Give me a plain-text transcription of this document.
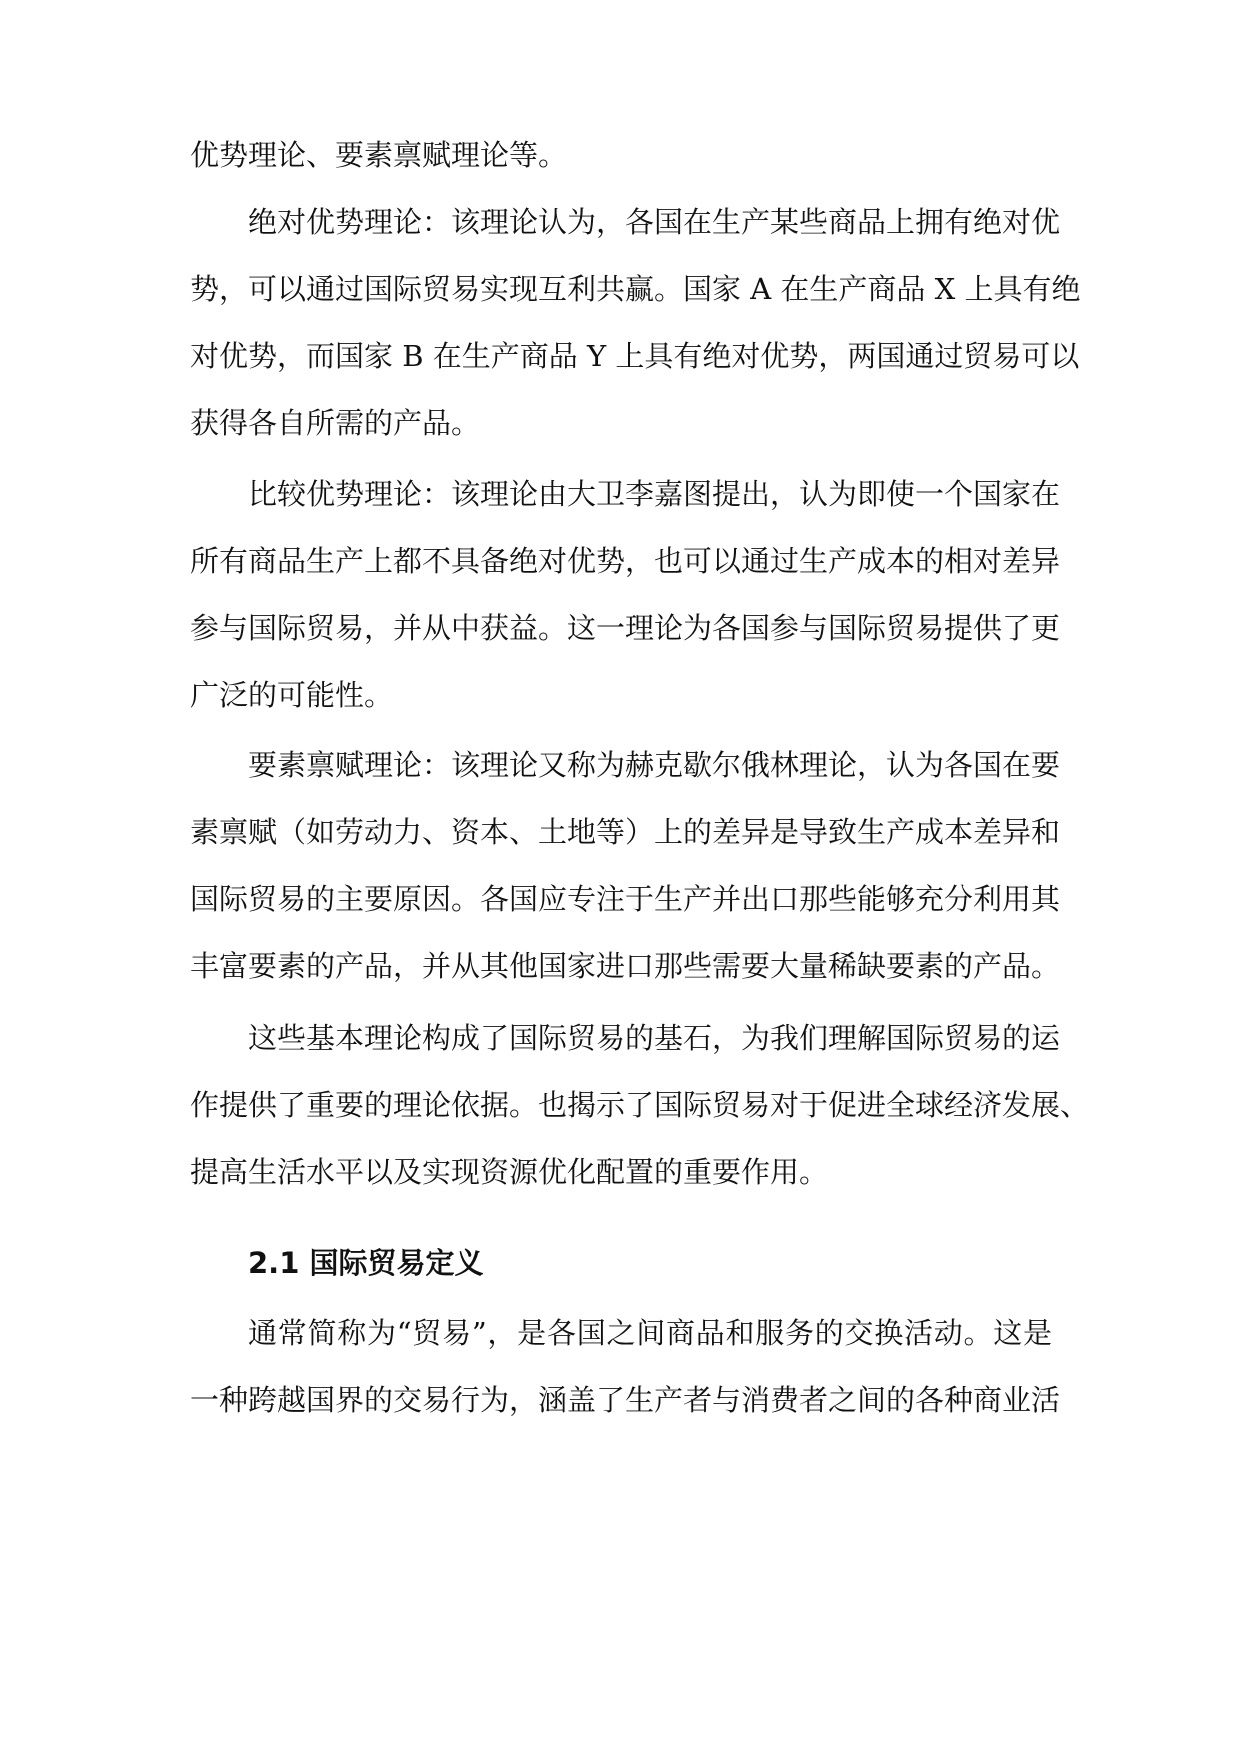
优势理论、要素禀赋理论等。
绝对优势理论：该理论认为，各国在生产某些商品上拥有绝对优
势，可以通过国际贸易实现互利共赢。国家 A 在生产商品 X 上具有绝
对优势，而国家 B 在生产商品 Y 上具有绝对优势，两国通过贸易可以
获得各自所需的产品。
比较优势理论：该理论由大卫李嘉图提出，认为即使一个国家在
所有商品生产上都不具备绝对优势，也可以通过生产成本的相对差异
参与国际贸易，并从中获益。这一理论为各国参与国际贸易提供了更
广泛的可能性。
要素禀赋理论：该理论又称为赫克歇尔俄林理论，认为各国在要
素禀赋（如劳动力、资本、土地等）上的差异是导致生产成本差异和
国际贸易的主要原因。各国应专注于生产并出口那些能够充分利用其
丰富要素的产品，并从其他国家进口那些需要大量稀缺要素的产品。
这些基本理论构成了国际贸易的基石，为我们理解国际贸易的运
作提供了重要的理论依据。也揭示了国际贸易对于促进全球经济发展、
提高生活水平以及实现资源优化配置的重要作用。
2.1 国际贸易定义
通常简称为“贸易”，是各国之间商品和服务的交换活动。这是
一种跨越国界的交易行为，涵盖了生产者与消费者之间的各种商业活
